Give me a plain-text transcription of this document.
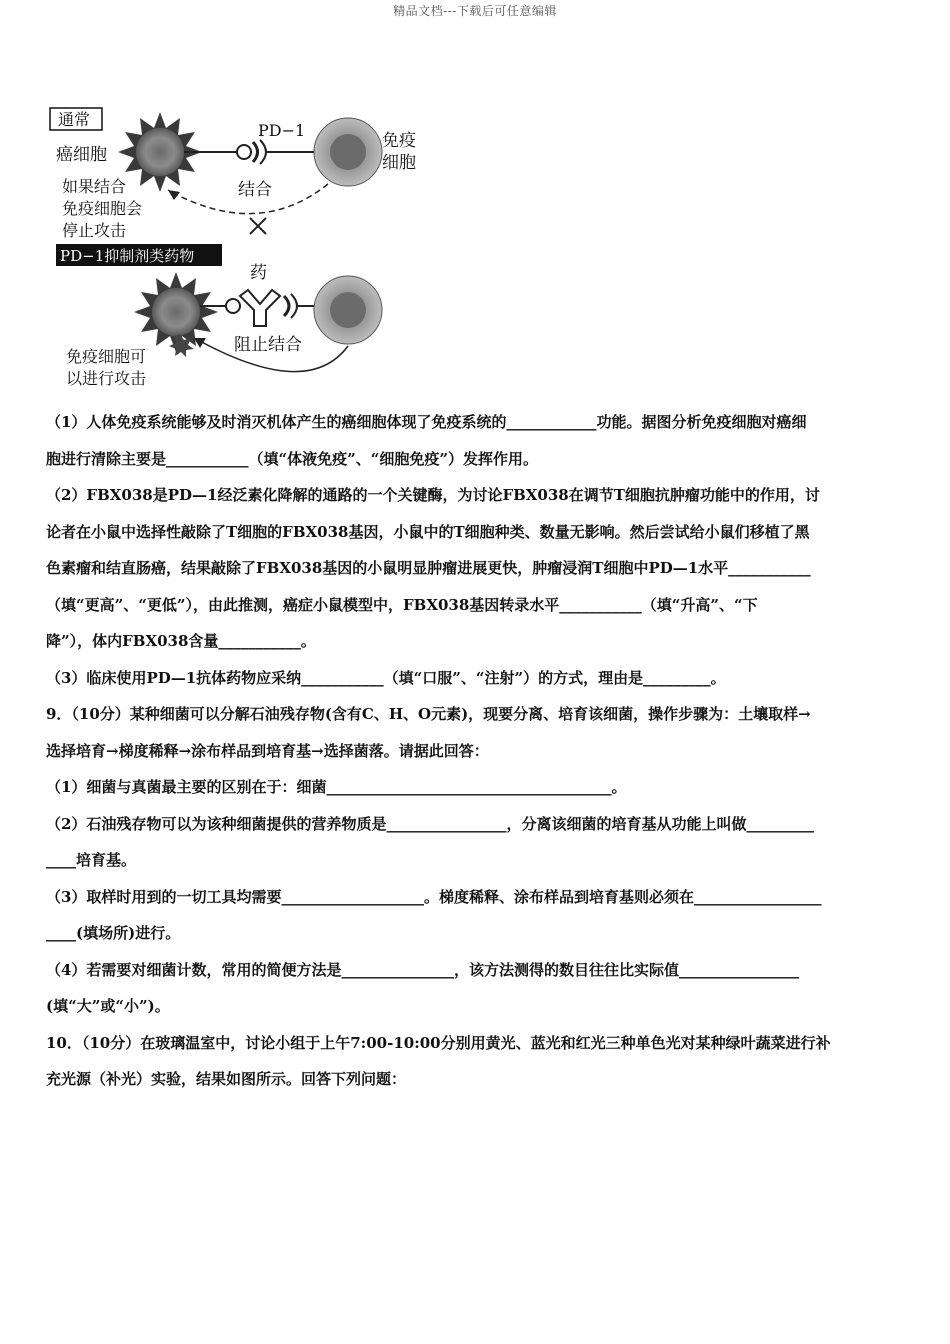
精品文档---下载后可任意编辑
通常
癌细胞
PD−1
免疫
细胞
结合
如果结合
免疫细胞会
停止攻击
PD−1抑制剂类药物
药
阻止结合
免疫细胞可
以进行攻击

（1）人体免疫系统能够及时消灭机体产生的癌细胞体现了免疫系统的____________功能。据图分析免疫细胞对癌细

胞进行清除主要是___________（填“体液免疫”、“细胞免疫”）发挥作用。

（2）FBX038是PD—1经泛素化降解的通路的一个关键酶，为讨论FBX038在调节T细胞抗肿瘤功能中的作用，讨

论者在小鼠中选择性敲除了T细胞的FBX038基因，小鼠中的T细胞种类、数量无影响。然后尝试给小鼠们移植了黑

色素瘤和结直肠癌，结果敲除了FBX038基因的小鼠明显肿瘤进展更快，肿瘤浸润T细胞中PD—1水平___________

（填“更高”、“更低”），由此推测，癌症小鼠模型中，FBX038基因转录水平___________（填“升高”、“下

降”），体内FBX038含量___________。

（3）临床使用PD—1抗体药物应采纳___________（填“口服”、“注射”）的方式，理由是_________。

9．（10分）某种细菌可以分解石油残存物(含有C、H、O元素)，现要分离、培育该细菌，操作步骤为：土壤取样→

选择培育→梯度稀释→涂布样品到培育基→选择菌落。请据此回答：

（1）细菌与真菌最主要的区别在于：细菌______________________________________。

（2）石油残存物可以为该种细菌提供的营养物质是________________，分离该细菌的培育基从功能上叫做_________

____培育基。

（3）取样时用到的一切工具均需要___________________。梯度稀释、涂布样品到培育基则必须在_________________

____(填场所)进行。

（4）若需要对细菌计数，常用的简便方法是_______________，该方法测得的数目往往比实际值________________

(填“大”或“小”)。

10．（10分）在玻璃温室中，讨论小组于上午7:00-10:00分别用黄光、蓝光和红光三种单色光对某种绿叶蔬菜进行补

充光源（补光）实验，结果如图所示。回答下列问题：
